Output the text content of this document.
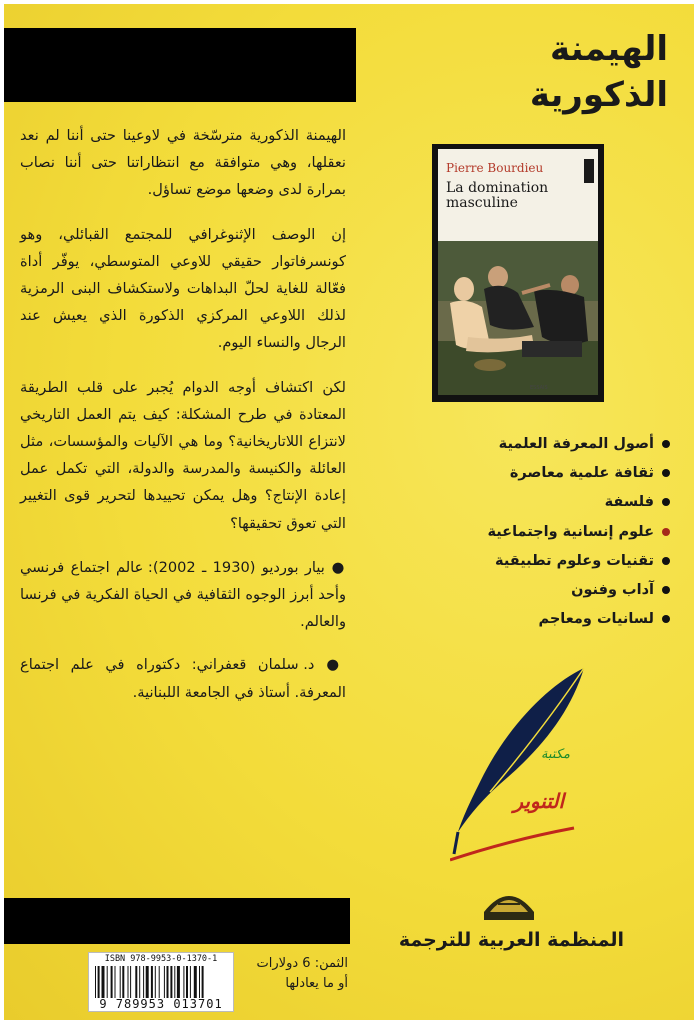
الهيمنة
الذكورية

الهيمنة الذكورية مترسّخة في لاوعينا حتى أننا لم نعد نعقلها، وهي متوافقة مع انتظاراتنا حتى أننا نصاب بمرارة لدى وضعها موضع تساؤل.

إن الوصف الإثنوغرافي للمجتمع القبائلي، وهو كونسرفاتوار حقيقي للاوعي المتوسطي، يوفّر أداة فعّالة للغاية لحلّ البداهات ولاستكشاف البنى الرمزية لذلك اللاوعي المركزي الذكورة الذي يعيش عند الرجال والنساء اليوم.

لكن اكتشاف أوجه الدوام يُجبر على قلب الطريقة المعتادة في طرح المشكلة: كيف يتم العمل التاريخي لانتزاع اللاتاريخانية؟ وما هي الآليات والمؤسسات، مثل العائلة والكنيسة والمدرسة والدولة، التي تكمل عمل إعادة الإنتاج؟ وهل يمكن تحييدها لتحرير قوى التغيير التي تعوق تحقيقها؟

● بيار بورديو (1930 ـ 2002): عالم اجتماع فرنسي وأحد أبرز الوجوه الثقافية في الحياة الفكرية في فرنسا والعالم.

● د. سلمان قعفراني: دكتوراه في علم اجتماع المعرفة. أستاذ في الجامعة اللبنانية.

Pierre Bourdieu
La domination
masculine
ESSAIS
أصول المعرفة العلمية
ثقافة علمية معاصرة
فلسفة
علوم إنسانية واجتماعية
تقنيات وعلوم تطبيقية
آداب وفنون
لسانيات ومعاجم
مكتبة
التنوير
المنظمة العربية للترجمة
ISBN 978-9953-0-1370-1
9 789953 013701
الثمن: 6 دولارات
أو ما يعادلها
